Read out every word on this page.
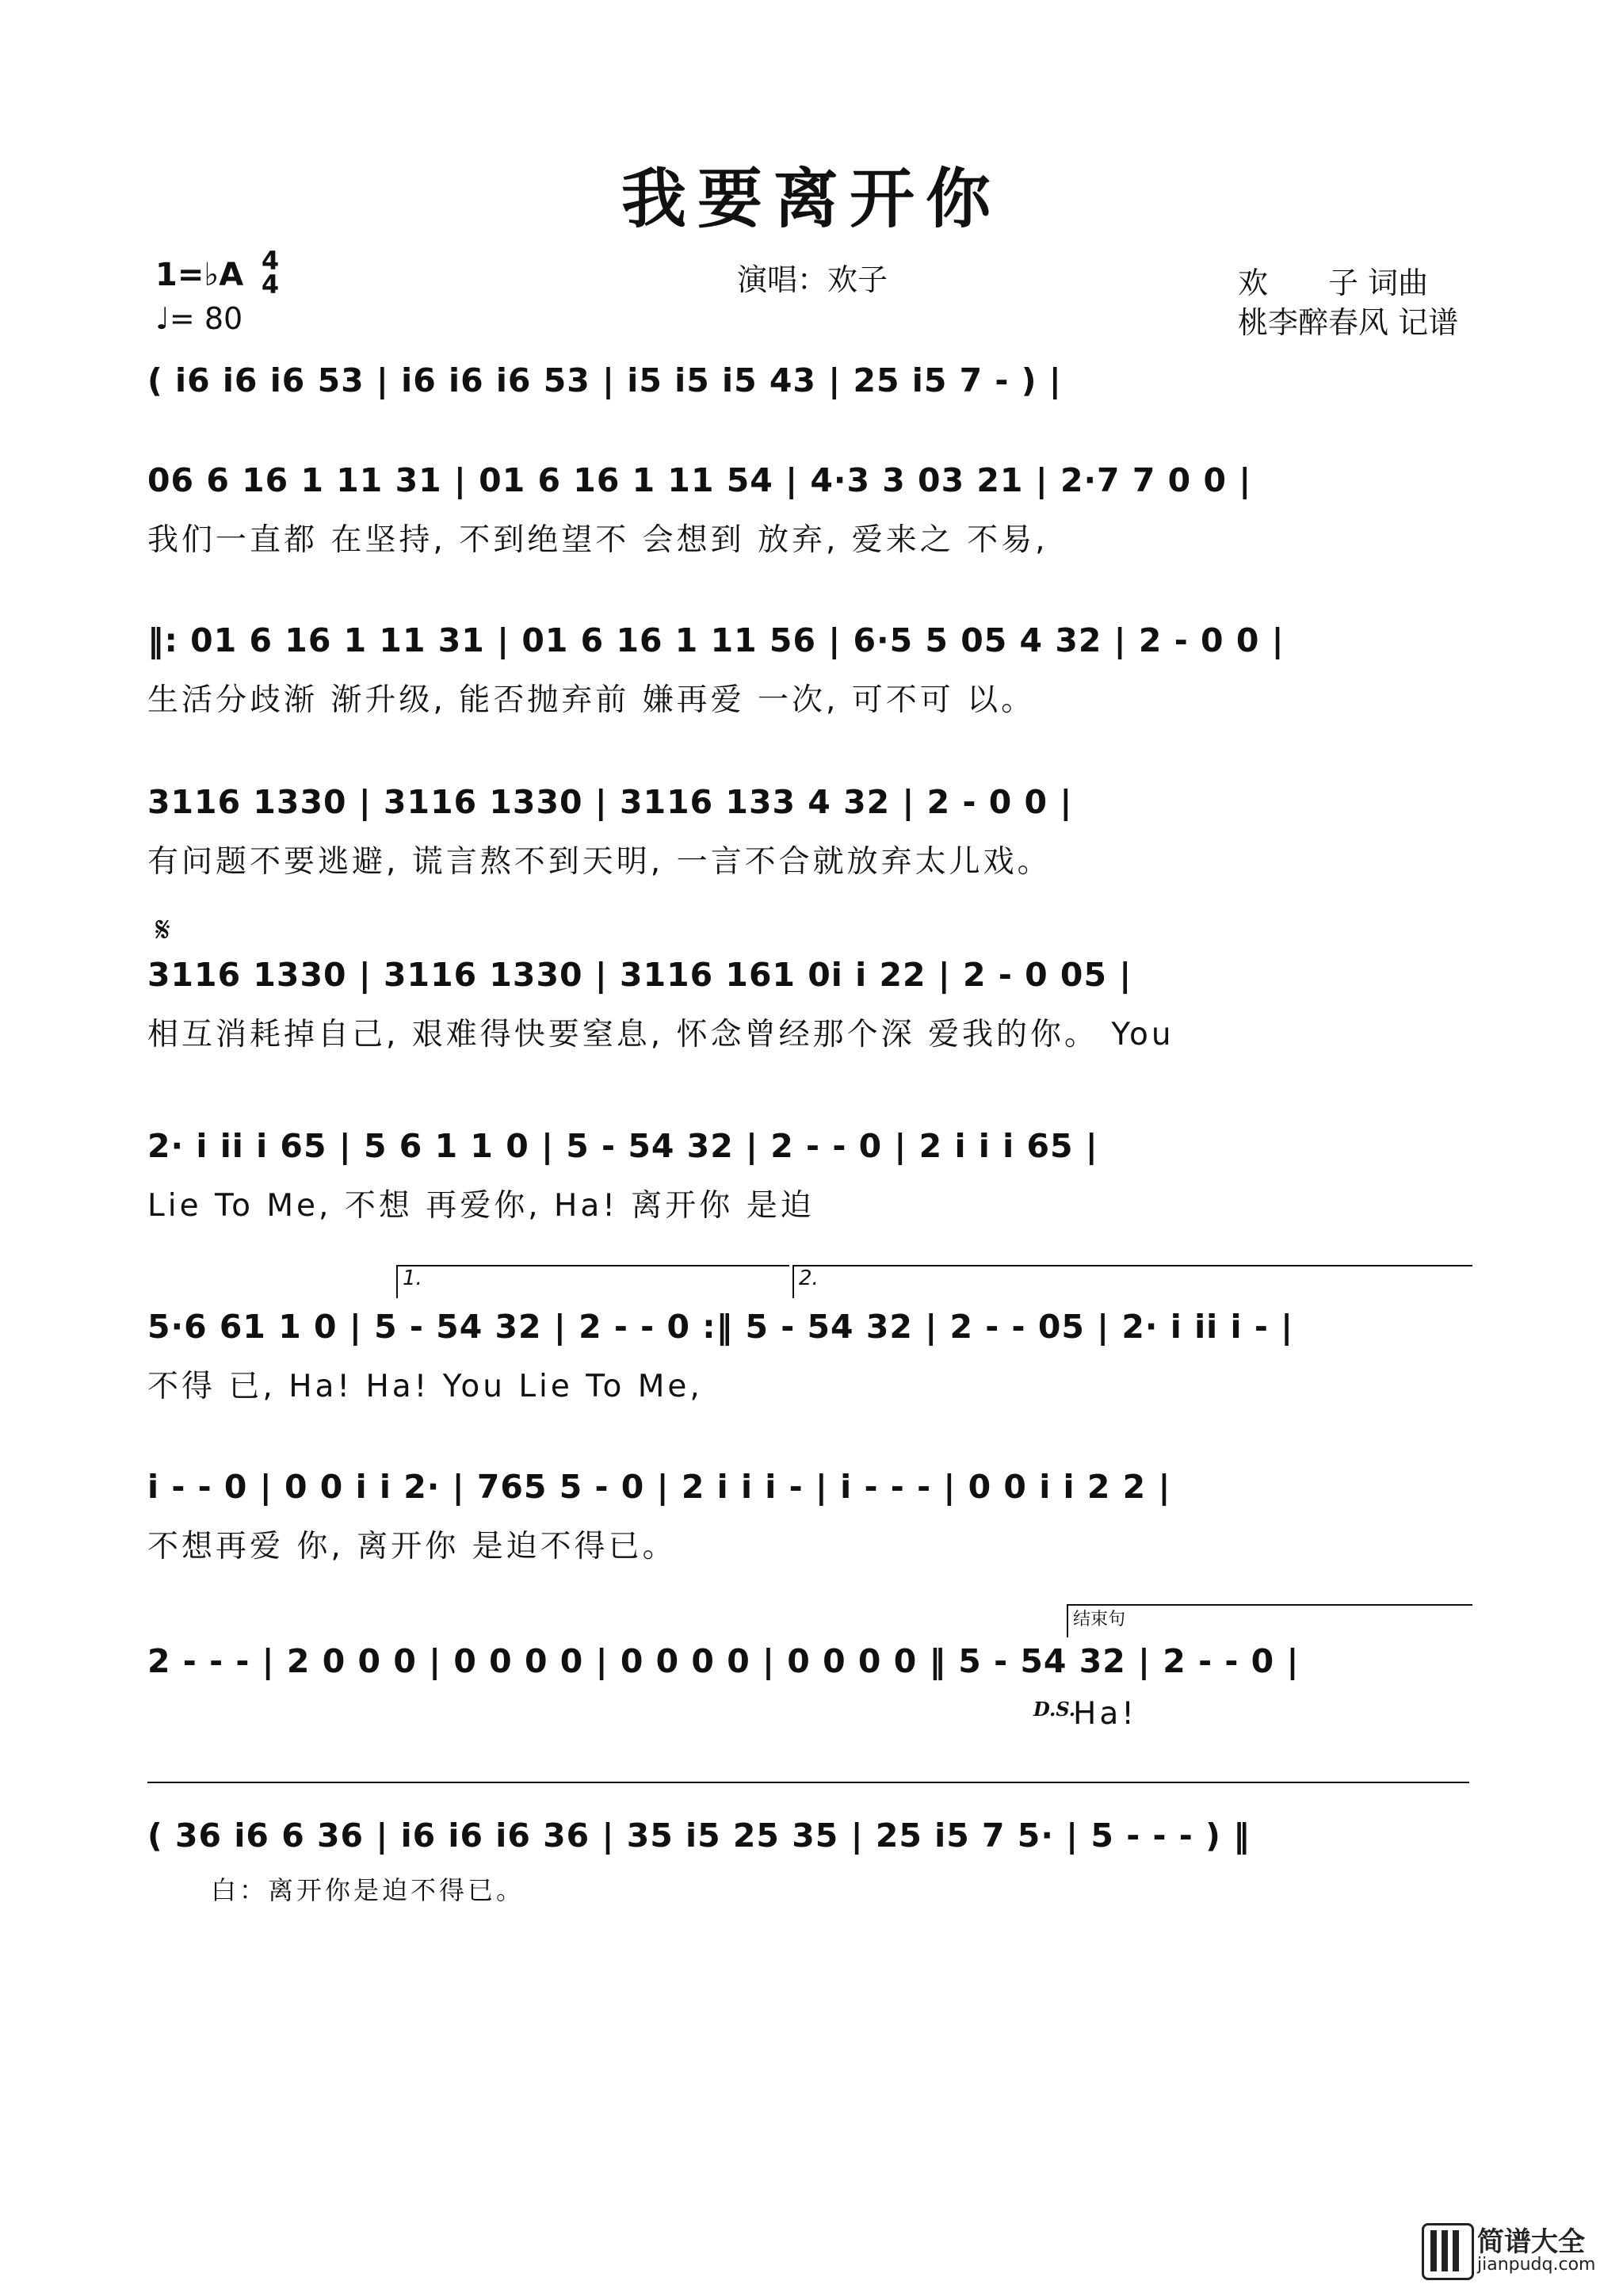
我要离开你
1=♭A 4
4
♩= 80
演唱：欢子	欢　　子 词曲
桃李醉春风 记谱
( i6 i6 i6 53 | i6 i6 i6 53 | i5 i5 i5 43 | 25 i5 7 - ) |
06 6 16 1 11 31 | 01 6 16 1 11 54 | 4·3 3 03 21 | 2·7 7 0 0 |
我们一直都 在坚持, 不到绝望不 会想到 放弃, 爱来之 不易,
‖: 01 6 16 1 11 31 | 01 6 16 1 11 56 | 6·5 5 05 4 32 | 2 - 0 0 |
生活分歧渐 渐升级, 能否抛弃前 嫌再爱 一次, 可不可 以。
3116 1330 | 3116 1330 | 3116 133 4 32 | 2 - 0 0 |
有问题不要逃避, 谎言熬不到天明, 一言不合就放弃太儿戏。
𝄋
3116 1330 | 3116 1330 | 3116 161 0i i 22 | 2 - 0 05 |
相互消耗掉自己, 艰难得快要窒息, 怀念曾经那个深 爱我的你。 You
2· i ii i 65 | 5 6 1 1 0 | 5 - 54 32 | 2 - - 0 | 2 i i i 65 |
Lie To Me, 不想 再爱你, Ha! 离开你 是迫
1.	2.
5·6 61 1 0 | 5 - 54 32 | 2 - - 0 :‖ 5 - 54 32 | 2 - - 05 | 2· i ii i - |
不得 已, Ha! Ha! You Lie To Me,
i - - 0 | 0 0 i i 2· | 765 5 - 0 | 2 i i i - | i - - - | 0 0 i i 2 2 |
不想再爱 你, 离开你 是迫不得已。
结束句
D.S.
2 - - - | 2 0 0 0 | 0 0 0 0 | 0 0 0 0 | 0 0 0 0 ‖ 5 - 54 32 | 2 - - 0 |
Ha!
( 36 i6 6 36 | i6 i6 i6 36 | 35 i5 25 35 | 25 i5 7 5· | 5 - - - ) ‖
白：离开你是迫不得已。
简谱大全
jianpudq.com
